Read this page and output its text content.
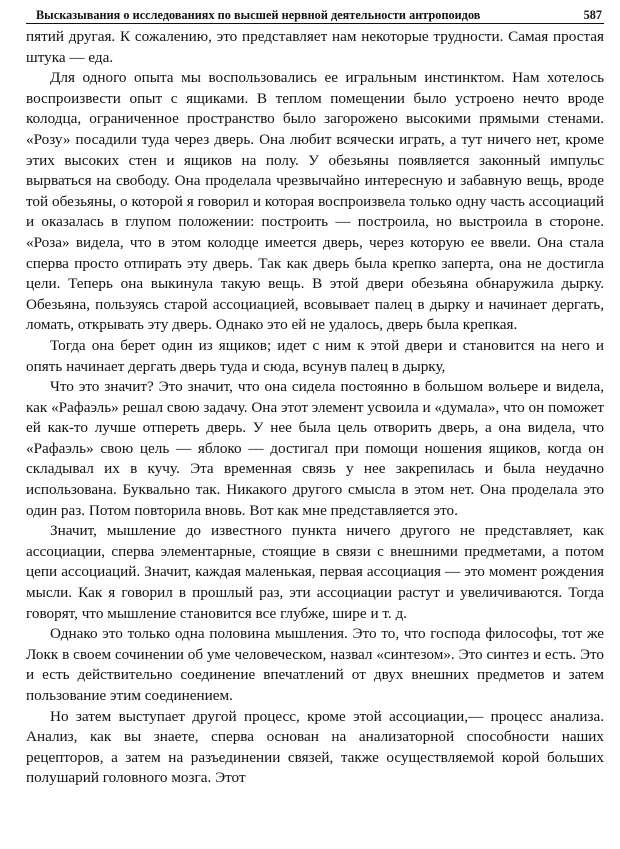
Высказывания о исследованиях по высшей нервной деятельности антропоидов	587

пятий другая. К сожалению, это представляет нам некоторые трудности. Самая простая штука — еда.

Для одного опыта мы воспользовались ее игральным инстинктом. Нам хотелось воспроизвести опыт с ящиками. В теплом помещении было устроено нечто вроде колодца, ограниченное пространство было загорожено высокими прямыми стенами. «Розу» посадили туда через дверь. Она любит всячески играть, а тут ничего нет, кроме этих высоких стен и ящиков на полу. У обезьяны появляется законный импульс вырваться на свободу. Она проделала чрезвычайно интересную и забавную вещь, вроде той обезьяны, о которой я говорил и которая воспроизвела только одну часть ассоциаций и оказалась в глупом положении: построить — построила, но выстроила в стороне. «Роза» видела, что в этом колодце имеется дверь, через которую ее ввели. Она стала сперва просто отпирать эту дверь. Так как дверь была крепко заперта, она не достигла цели. Теперь она выкинула такую вещь. В этой двери обезьяна обнаружила дырку. Обезьяна, пользуясь старой ассоциацией, всовывает палец в дырку и начинает дергать, ломать, открывать эту дверь. Однако это ей не удалось, дверь была крепкая.

Тогда она берет один из ящиков; идет с ним к этой двери и становится на него и опять начинает дергать дверь туда и сюда, всунув палец в дырку,

Что это значит? Это значит, что она сидела постоянно в большом вольере и видела, как «Рафаэль» решал свою задачу. Она этот элемент усвоила и «думала», что он поможет ей как-то лучше отпереть дверь. У нее была цель отворить дверь, а она видела, что «Рафаэль» свою цель — яблоко — достигал при помощи ношения ящиков, когда он складывал их в кучу. Эта временная связь у нее закрепилась и была неудачно использована. Буквально так. Никакого другого смысла в этом нет. Она проделала это один раз. Потом повторила вновь. Вот как мне представляется это.

Значит, мышление до известного пункта ничего другого не представляет, как ассоциации, сперва элементарные, стоящие в связи с внешними предметами, а потом цепи ассоциаций. Значит, каждая маленькая, первая ассоциация — это момент рождения мысли. Как я говорил в прошлый раз, эти ассоциации растут и увеличиваются. Тогда говорят, что мышление становится все глубже, шире и т. д.

Однако это только одна половина мышления. Это то, что господа философы, тот же Локк в своем сочинении об уме человеческом, назвал «синтезом». Это синтез и есть. Это и есть действительно соединение впечатлений от двух внешних предметов и затем пользование этим соединением.

Но затем выступает другой процесс, кроме этой ассоциации,— процесс анализа. Анализ, как вы знаете, сперва основан на анализаторной способности наших рецепторов, а затем на разъединении связей, также осуществляемой корой больших полушарий головного мозга. Этот
